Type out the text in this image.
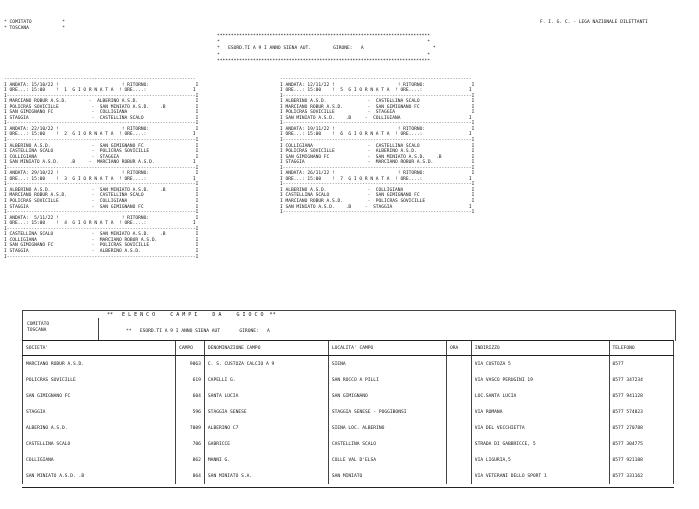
* COMITATO           *
* TOSCANA            *
F. I. G. C. - LEGA NAZIONALE DILETTANTI
*****************************************************************************
*                                                                           *
*   ESORD.TI A 9 I ANNO SIENA AUT.        GIRONE:   A                         *
*                                                                           *
*****************************************************************************
----------------------------------------------------------------------
I ANDATA: 15/10/22 !                       ! RITORNO:                 I
I ORE...: 15:00    !  1  G I O R N A T A  ! ORE....:                 I
I---------------------------------------------------------------------I
I MARCIANO ROBUR A.S.D.        -  ALBERINO A.S.D.                     I
I POLICRAS SOVICILLE            -  SAN MINIATO A.S.D.    .B           I
I SAN GIMIGNANO FC              -  COLLIGIANA                         I
I STAGGIA                       -  CASTELLINA SCALO                   I
I---------------------------------------------------------------------I
I ANDATA: 22/10/22 !                       ! RITORNO:                 I
I ORE...: 15:00    !  2  G I O R N A T A  ! ORE....:                 I
I---------------------------------------------------------------------I
I ALBERINO A.S.D.               -  SAN GIMIGNANO FC                   I
I CASTELLINA SCALO              -  POLICRAS SOVICILLE                 I
I COLLIGIANA                    -  STAGGIA                            I
I SAN MINIATO A.S.D.    .B     -  MARCIANO ROBUR A.S.D.              I
I---------------------------------------------------------------------I
I ANDATA: 29/10/22 !                       ! RITORNO:                 I
I ORE...: 15:00    !  3  G I O R N A T A  ! ORE....:                 I
I---------------------------------------------------------------------I
I ALBERINO A.S.D.               -  SAN MINIATO A.S.D.    .B           I
I MARCIANO ROBUR A.S.D.         -  CASTELLINA SCALO                   I
I POLICRAS SOVICILLE            -  COLLIGIANA                         I
I STAGGIA                       -  SAN GIMIGNANO FC                   I
I---------------------------------------------------------------------I
I ANDATA:  5/11/22 !                       ! RITORNO:                 I
I ORE...: 15:00    !  4  G I O R N A T A  ! ORE....:                 I
I---------------------------------------------------------------------I
I CASTELLINA SCALO              -  SAN MINIATO A.S.D.    .B           I
I COLLIGIANA                    -  MARCIANO ROBUR A.S.D.              I
I SAN GIMIGNANO FC              -  POLICRAS SOVICILLE                 I
I STAGGIA                       -  ALBERINO A.S.D.                    I
I---------------------------------------------------------------------I
----------------------------------------------------------------------
I ANDATA: 12/11/22 !                       ! RITORNO:                 I
I ORE...: 15:00    !  5  G I O R N A T A  ! ORE....:                 I
I---------------------------------------------------------------------I
I ALBERINO A.S.D.               -  CASTELLINA SCALO                   I
I MARCIANO ROBUR A.S.D.         -  SAN GIMIGNANO FC                   I
I POLICRAS SOVICILLE            -  STAGGIA                            I
I SAN MINIATO A.S.D.    .B     -  COLLIGIANA                         I
I---------------------------------------------------------------------I
I ANDATA: 19/11/22 !                       ! RITORNO:                 I
I ORE...: 15:00    !  6  G I O R N A T A  ! ORE....:                 I
I---------------------------------------------------------------------I
I COLLIGIANA                    -  CASTELLINA SCALO                   I
I POLICRAS SOVICILLE            -  ALBERINO A.S.D.                    I
I SAN GIMIGNANO FC              -  SAN MINIATO A.S.D.    .B           I
I STAGGIA                       -  MARCIANO ROBUR A.S.D.              I
I---------------------------------------------------------------------I
I ANDATA: 26/11/22 !                       ! RITORNO:                 I
I ORE...: 15:00    !  7  G I O R N A T A  ! ORE....:                 I
I---------------------------------------------------------------------I
I ALBERINO A.S.D.               -  COLLIGIANA                         I
I CASTELLINA SCALO              -  SAN GIMIGNANO FC                   I
I MARCIANO ROBUR A.S.D.         -  POLICRAS SOVICILLE                 I
I SAN MINIATO A.S.D.    .B     -  STAGGIA                            I
I---------------------------------------------------------------------I
**   E L E N C O     C A M P I     D A     G I O C O  **
COMITATO
TOSCANA	**   ESORD.TI A 9 I ANNO SIENA AUT       GIRONE:   A
SOCIETA'	CAMPO	DENOMINAZIONE CAMPO	LOCALITA' CAMPO	ORA	INDIRIZZO	TELEFONO
MARCIANO ROBUR A.S.D.	9063	C. S. CUSTOZA CALCIO A 9	SIENA		VIA CUSTOZA 5	0577
POLICRAS SOVICILLE	619	CAPELLI G.	SAN ROCCO A PILLI		VIA VASCO PERUGINI 19	0577 347234
SAN GIMIGNANO FC	604	SANTA LUCIA	SAN GIMIGNANO		LOC.SANTA LUCIA	0577 941128
STAGGIA	596	STAGGIA SENESE	STAGGIA SENESE - POGGIBONSI		VIA ROMANA	0577 574823
ALBERINO A.S.D.	7009	ALBERINO C7	SIENA LOC. ALBERINO		VIA DEL VECCHIETTA	0577 270788
CASTELLINA SCALO	706	GABRICCE	CASTELLINA SCALO		STRADA DI GABBRICCE, 5	0577 304775
COLLIGIANA	862	MANNI G.	COLLE VAL D'ELSA		VIA LIGURIA,5	0577 921188
SAN MINIATO A.S.D. .B	864	SAN MINIATO S.A.	SAN MINIATO		VIA VETERANI DELLO SPORT 1	0577 331162
